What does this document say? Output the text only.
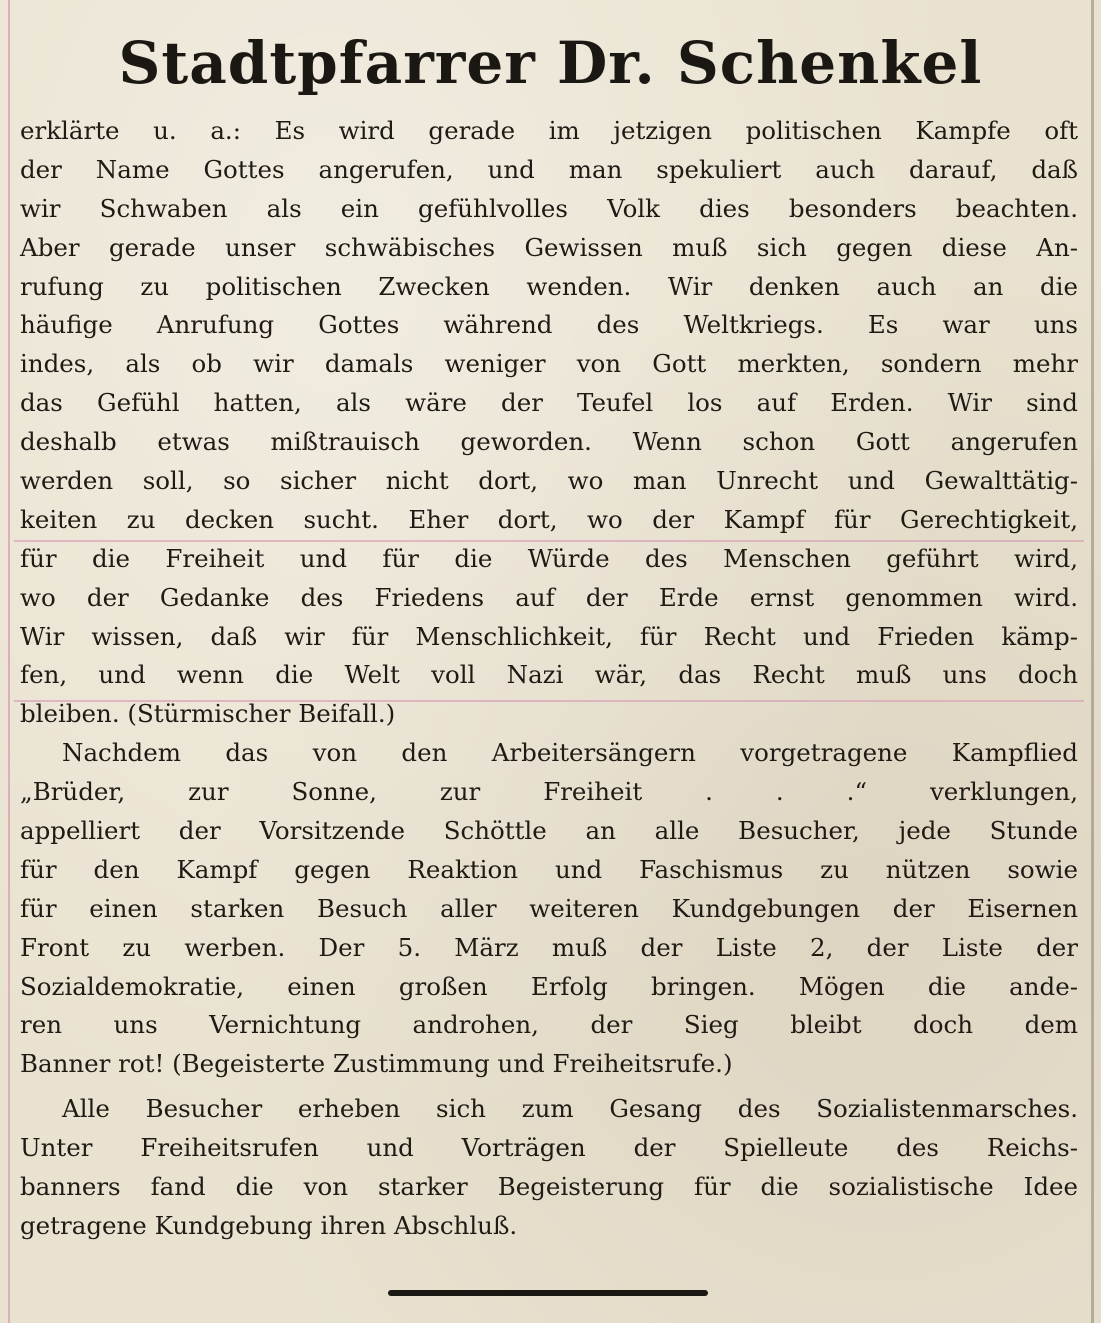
Stadtpfarrer Dr. Schenkel
erklärte u. a.: Es wird gerade im jetzigen politischen Kampfe oft
der Name Gottes angerufen, und man spekuliert auch darauf, daß
wir Schwaben als ein gefühlvolles Volk dies besonders beachten.
Aber gerade unser schwäbisches Gewissen muß sich gegen diese An-
rufung zu politischen Zwecken wenden. Wir denken auch an die
häufige Anrufung Gottes während des Weltkriegs. Es war uns
indes, als ob wir damals weniger von Gott merkten, sondern mehr
das Gefühl hatten, als wäre der Teufel los auf Erden. Wir sind
deshalb etwas mißtrauisch geworden. Wenn schon Gott angerufen
werden soll, so sicher nicht dort, wo man Unrecht und Gewalttätig-
keiten zu decken sucht. Eher dort, wo der Kampf für Gerechtigkeit,
für die Freiheit und für die Würde des Menschen geführt wird,
wo der Gedanke des Friedens auf der Erde ernst genommen wird.
Wir wissen, daß wir für Menschlichkeit, für Recht und Frieden kämp-
fen, und wenn die Welt voll Nazi wär, das Recht muß uns doch
bleiben. (Stürmischer Beifall.)
Nachdem das von den Arbeitersängern vorgetragene Kampflied
„Brüder, zur Sonne, zur Freiheit . . .“ verklungen,
appelliert der Vorsitzende Schöttle an alle Besucher, jede Stunde
für den Kampf gegen Reaktion und Faschismus zu nützen sowie
für einen starken Besuch aller weiteren Kundgebungen der Eisernen
Front zu werben. Der 5. März muß der Liste 2, der Liste der
Sozialdemokratie, einen großen Erfolg bringen. Mögen die ande-
ren uns Vernichtung androhen, der Sieg bleibt doch dem
Banner rot! (Begeisterte Zustimmung und Freiheitsrufe.)
Alle Besucher erheben sich zum Gesang des Sozialistenmarsches.
Unter Freiheitsrufen und Vorträgen der Spielleute des Reichs-
banners fand die von starker Begeisterung für die sozialistische Idee
getragene Kundgebung ihren Abschluß.
